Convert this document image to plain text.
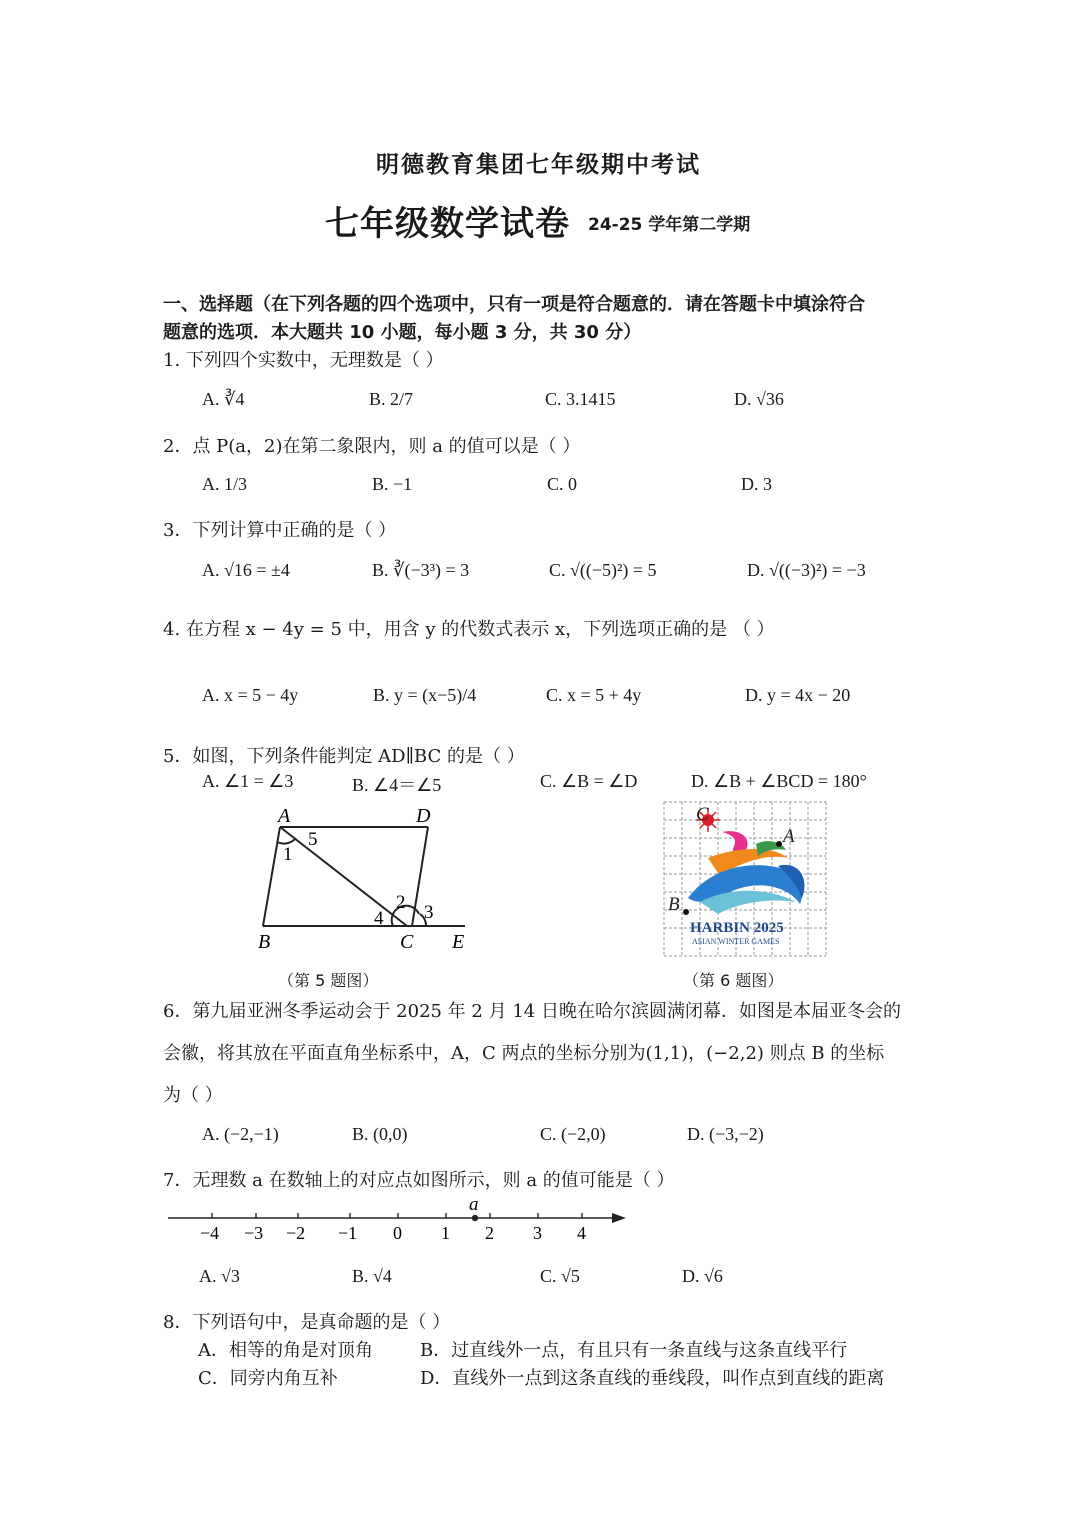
明德教育集团七年级期中考试
七年级数学试卷 24-25 学年第二学期
一、选择题（在下列各题的四个选项中，只有一项是符合题意的．请在答题卡中填涂符合
题意的选项．本大题共 10 小题，每小题 3 分，共 30 分）
1. 下列四个实数中，无理数是（ ）
A. ∛4	B. 2/7	C. 3.1415	D. √36
2．点 P(a，2)在第二象限内，则 a 的值可以是（ ）
A. 1/3	B. −1	C. 0	D. 3
3．下列计算中正确的是（ ）
A. √16 = ±4	B. ∛(−3³) = 3	C. √((−5)²) = 5	D. √((−3)²) = −3
4. 在方程 x − 4y = 5 中，用含 y 的代数式表示 x，下列选项正确的是 （ ）
A. x = 5 − 4y	B. y = (x−5)/4	C. x = 5 + 4y	D. y = 4x − 20
5．如图，下列条件能判定 AD∥BC 的是（ ）
A. ∠1 = ∠3	B. ∠4＝∠5	C. ∠B = ∠D	D. ∠B + ∠BCD = 180°
A	D
B	C E
5
1
2 3
4
（第 5 题图）
C
A
B
HARBIN 2025
ASIAN WINTER GAMES
（第 6 题图）
6．第九届亚洲冬季运动会于 2025 年 2 月 14 日晚在哈尔滨圆满闭幕．如图是本届亚冬会的
会徽，将其放在平面直角坐标系中，A，C 两点的坐标分别为(1,1)，(−2,2) 则点 B 的坐标
为（ ）
A. (−2,−1)	B. (0,0)	C. (−2,0)	D. (−3,−2)
7．无理数 a 在数轴上的对应点如图所示，则 a 的值可能是（ ）
−4 −3 −2 −1 0 1 2 3 4
a
A. √3	B. √4	C. √5	D. √6
8．下列语句中，是真命题的是（ ）
A．相等的角是对顶角	B．过直线外一点，有且只有一条直线与这条直线平行
C．同旁内角互补	D．直线外一点到这条直线的垂线段，叫作点到直线的距离
